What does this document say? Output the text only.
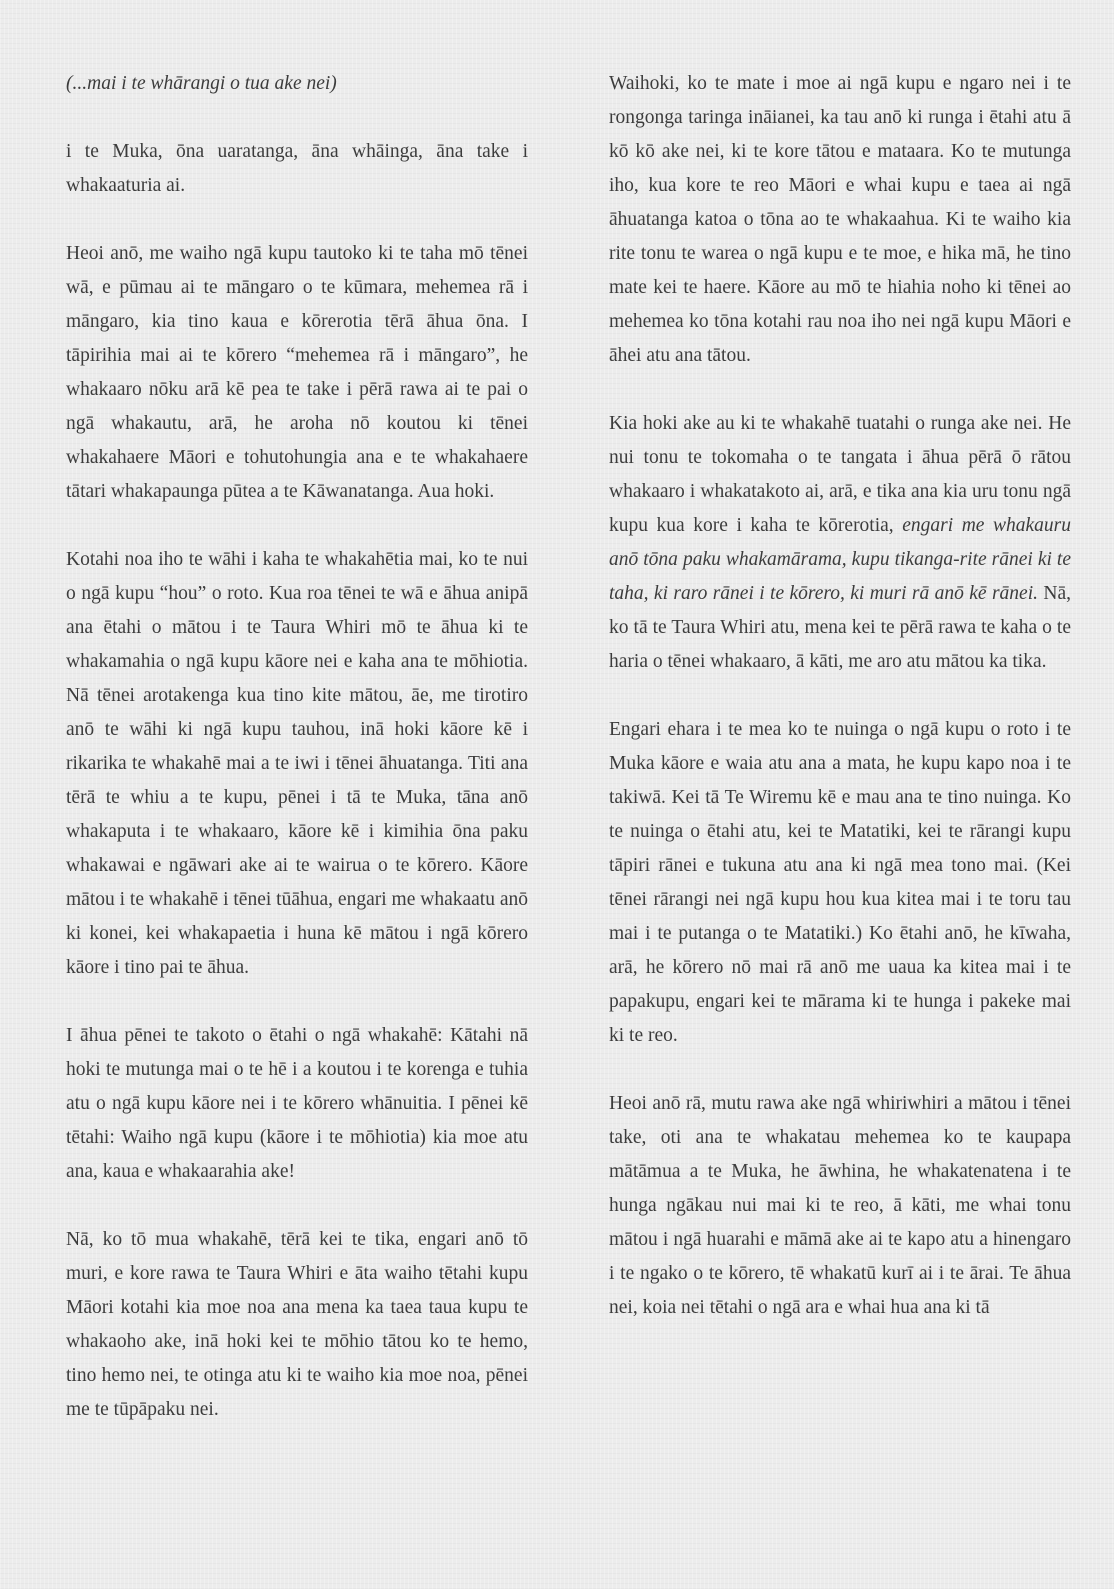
(...mai i te whārangi o tua ake nei)

i te Muka, ōna uaratanga, āna whāinga, āna take i whakaaturia ai.

Heoi anō, me waiho ngā kupu tautoko ki te taha mō tēnei wā, e pūmau ai te māngaro o te kūmara, mehemea rā i māngaro, kia tino kaua e kōrerotia tērā āhua ōna. I tāpirihia mai ai te kōrero “mehemea rā i māngaro”, he whakaaro nōku arā kē pea te take i pērā rawa ai te pai o ngā whakautu, arā, he aroha nō koutou ki tēnei whakahaere Māori e tohutohungia ana e te whakahaere tātari whakapaunga pūtea a te Kāwanatanga. Aua hoki.

Kotahi noa iho te wāhi i kaha te whakahētia mai, ko te nui o ngā kupu “hou” o roto. Kua roa tēnei te wā e āhua anipā ana ētahi o mātou i te Taura Whiri mō te āhua ki te whakamahia o ngā kupu kāore nei e kaha ana te mōhiotia. Nā tēnei arotakenga kua tino kite mātou, āe, me tirotiro anō te wāhi ki ngā kupu tauhou, inā hoki kāore kē i rikarika te whakahē mai a te iwi i tēnei āhuatanga. Titi ana tērā te whiu a te kupu, pēnei i tā te Muka, tāna anō whakaputa i te whakaaro, kāore kē i kimihia ōna paku whakawai e ngāwari ake ai te wairua o te kōrero. Kāore mātou i te whakahē i tēnei tūāhua, engari me whakaatu anō ki konei, kei whakapaetia i huna kē mātou i ngā kōrero kāore i tino pai te āhua.

I āhua pēnei te takoto o ētahi o ngā whakahē: Kātahi nā hoki te mutunga mai o te hē i a koutou i te korenga e tuhia atu o ngā kupu kāore nei i te kōrero whānuitia. I pēnei kē tētahi: Waiho ngā kupu (kāore i te mōhiotia) kia moe atu ana, kaua e whakaarahia ake!

Nā, ko tō mua whakahē, tērā kei te tika, engari anō tō muri, e kore rawa te Taura Whiri e āta waiho tētahi kupu Māori kotahi kia moe noa ana mena ka taea taua kupu te whakaoho ake, inā hoki kei te mōhio tātou ko te hemo, tino hemo nei, te otinga atu ki te waiho kia moe noa, pēnei me te tūpāpaku nei.

Waihoki, ko te mate i moe ai ngā kupu e ngaro nei i te rongonga taringa ināianei, ka tau anō ki runga i ētahi atu ā kō kō ake nei, ki te kore tātou e mataara. Ko te mutunga iho, kua kore te reo Māori e whai kupu e taea ai ngā āhuatanga katoa o tōna ao te whakaahua. Ki te waiho kia rite tonu te warea o ngā kupu e te moe, e hika mā, he tino mate kei te haere. Kāore au mō te hiahia noho ki tēnei ao mehemea ko tōna kotahi rau noa iho nei ngā kupu Māori e āhei atu ana tātou.

Kia hoki ake au ki te whakahē tuatahi o runga ake nei. He nui tonu te tokomaha o te tangata i āhua pērā ō rātou whakaaro i whakatakoto ai, arā, e tika ana kia uru tonu ngā kupu kua kore i kaha te kōrerotia, engari me whakauru anō tōna paku whakamārama, kupu tikanga-rite rānei ki te taha, ki raro rānei i te kōrero, ki muri rā anō kē rānei. Nā, ko tā te Taura Whiri atu, mena kei te pērā rawa te kaha o te haria o tēnei whakaaro, ā kāti, me aro atu mātou ka tika.

Engari ehara i te mea ko te nuinga o ngā kupu o roto i te Muka kāore e waia atu ana a mata, he kupu kapo noa i te takiwā. Kei tā Te Wiremu kē e mau ana te tino nuinga. Ko te nuinga o ētahi atu, kei te Matatiki, kei te rārangi kupu tāpiri rānei e tukuna atu ana ki ngā mea tono mai. (Kei tēnei rārangi nei ngā kupu hou kua kitea mai i te toru tau mai i te putanga o te Matatiki.) Ko ētahi anō, he kīwaha, arā, he kōrero nō mai rā anō me uaua ka kitea mai i te papakupu, engari kei te mārama ki te hunga i pakeke mai ki te reo.

Heoi anō rā, mutu rawa ake ngā whiriwhiri a mātou i tēnei take, oti ana te whakatau mehemea ko te kaupapa mātāmua a te Muka, he āwhina, he whakatenatena i te hunga ngākau nui mai ki te reo, ā kāti, me whai tonu mātou i ngā huarahi e māmā ake ai te kapo atu a hinengaro i te ngako o te kōrero, tē whakatū kurī ai i te ārai. Te āhua nei, koia nei tētahi o ngā ara e whai hua ana ki tā
